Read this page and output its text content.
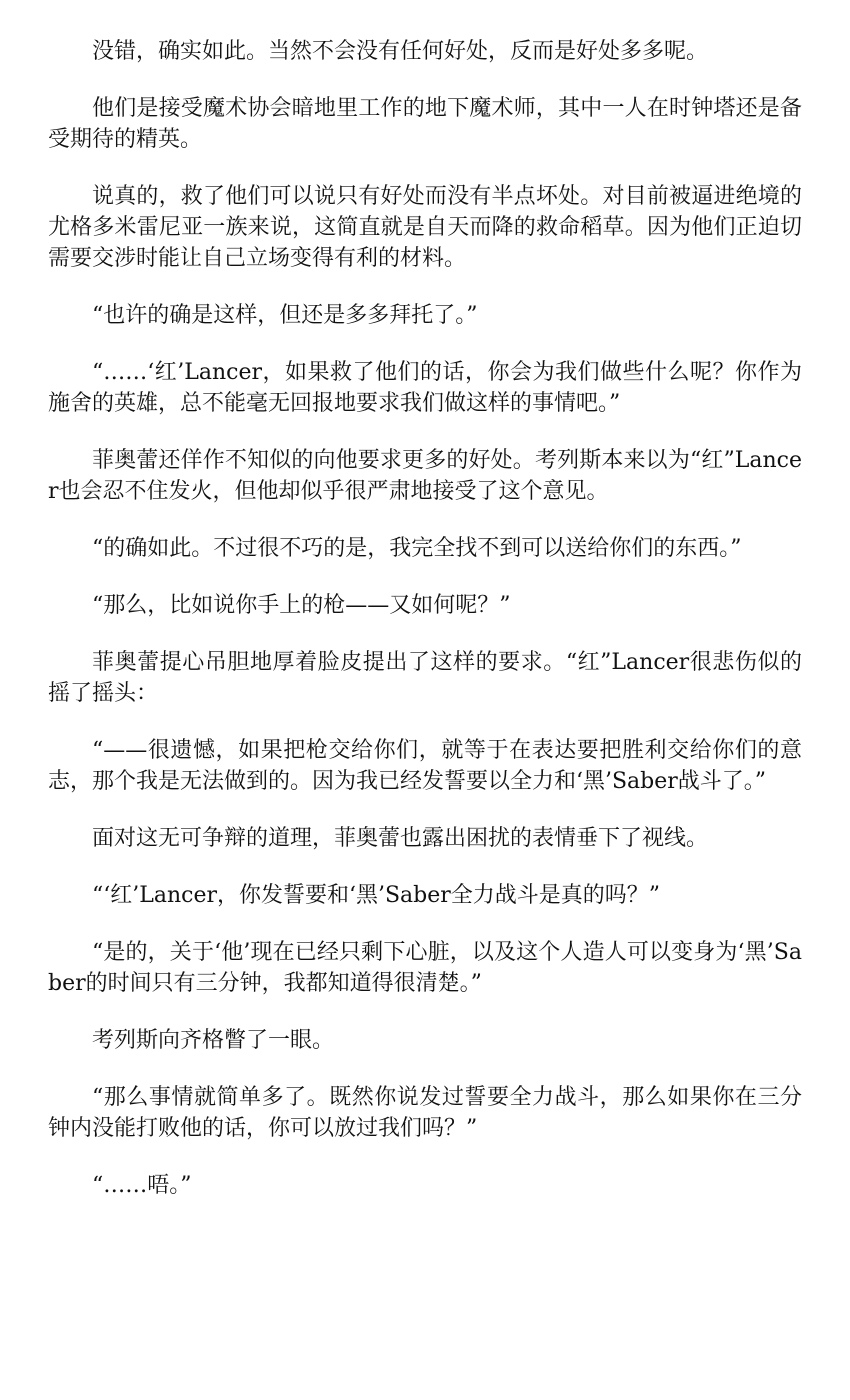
没错，确实如此。当然不会没有任何好处，反而是好处多多呢。

他们是接受魔术协会暗地里工作的地下魔术师，其中一人在时钟塔还是备受期待的精英。

说真的，救了他们可以说只有好处而没有半点坏处。对目前被逼进绝境的尤格多米雷尼亚一族来说，这简直就是自天而降的救命稻草。因为他们正迫切需要交涉时能让自己立场变得有利的材料。

“也许的确是这样，但还是多多拜托了。”

“……‘红’Lancer，如果救了他们的话，你会为我们做些什么呢？你作为施舍的英雄，总不能毫无回报地要求我们做这样的事情吧。”

菲奥蕾还佯作不知似的向他要求更多的好处。考列斯本来以为“红”Lancer也会忍不住发火，但他却似乎很严肃地接受了这个意见。

“的确如此。不过很不巧的是，我完全找不到可以送给你们的东西。”

“那么，比如说你手上的枪——又如何呢？”

菲奥蕾提心吊胆地厚着脸皮提出了这样的要求。“红”Lancer很悲伤似的摇了摇头：

“——很遗憾，如果把枪交给你们，就等于在表达要把胜利交给你们的意志，那个我是无法做到的。因为我已经发誓要以全力和‘黑’Saber战斗了。”

面对这无可争辩的道理，菲奥蕾也露出困扰的表情垂下了视线。

“‘红’Lancer，你发誓要和‘黑’Saber全力战斗是真的吗？”

“是的，关于‘他’现在已经只剩下心脏，以及这个人造人可以变身为‘黑’Saber的时间只有三分钟，我都知道得很清楚。”

考列斯向齐格瞥了一眼。

“那么事情就简单多了。既然你说发过誓要全力战斗，那么如果你在三分钟内没能打败他的话，你可以放过我们吗？”

“……唔。”
